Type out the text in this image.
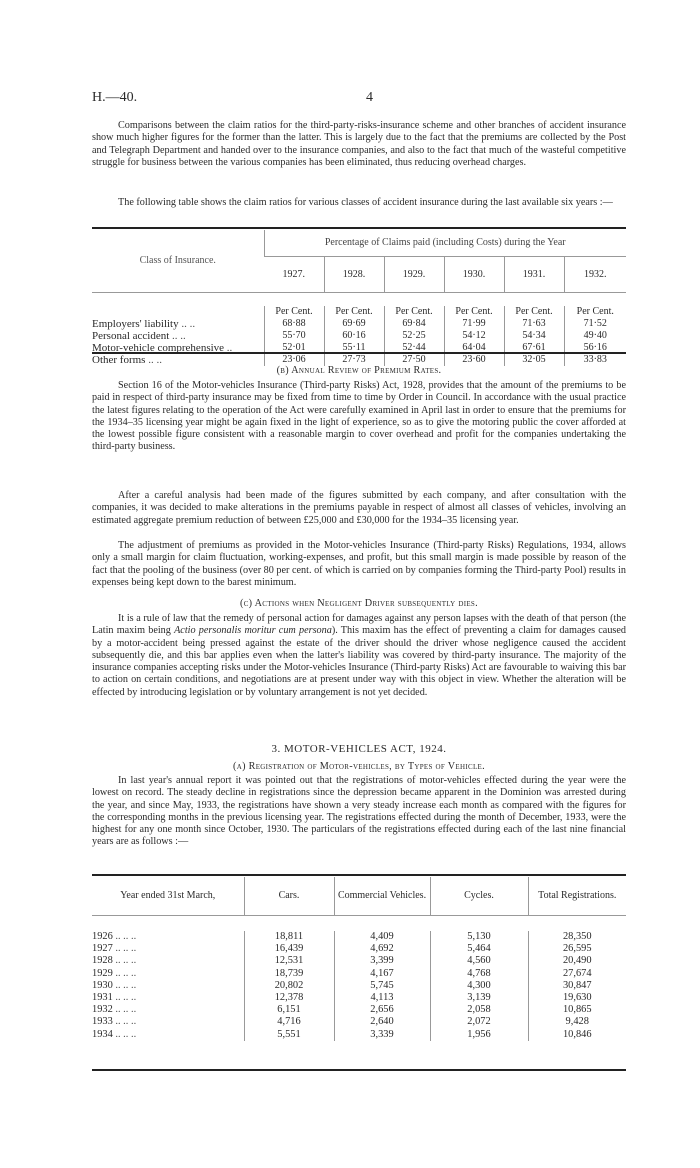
H.—40.	4

Comparisons between the claim ratios for the third-party-risks-insurance scheme and other branches of accident insurance show much higher figures for the former than the latter. This is largely due to the fact that the premiums are collected by the Post and Telegraph Department and handed over to the insurance companies, and also to the fact that much of the wasteful competitive struggle for business between the various companies has been eliminated, thus reducing overhead charges.

The following table shows the claim ratios for various classes of accident insurance during the last available six years :—

Class of Insurance.	Percentage of Claims paid (including Costs) during the Year					
	1927.	1928.	1929.	1930.	1931.	1932.

	Per Cent.	Per Cent.	Per Cent.	Per Cent.	Per Cent.	Per Cent.
Employers' liability .. ..	68·88	69·69	69·84	71·99	71·63	71·52
Personal accident .. ..	55·70	60·16	52·25	54·12	54·34	49·40
Motor-vehicle comprehensive ..	52·01	55·11	52·44	64·04	67·61	56·16
Other forms .. ..	23·06	27·73	27·50	23·60	32·05	33·83

(b) Annual Review of Premium Rates.

Section 16 of the Motor-vehicles Insurance (Third-party Risks) Act, 1928, provides that the amount of the premiums to be paid in respect of third-party insurance may be fixed from time to time by Order in Council. In accordance with the usual practice the latest figures relating to the operation of the Act were carefully examined in April last in order to ensure that the premiums for the 1934–35 licensing year might be again fixed in the light of experience, so as to give the motoring public the cover afforded at the lowest possible figure consistent with a reasonable margin to cover overhead and profit for the companies undertaking the third-party business.

After a careful analysis had been made of the figures submitted by each company, and after consultation with the companies, it was decided to make alterations in the premiums payable in respect of almost all classes of vehicles, involving an estimated aggregate premium reduction of between £25,000 and £30,000 for the 1934–35 licensing year.

The adjustment of premiums as provided in the Motor-vehicles Insurance (Third-party Risks) Regulations, 1934, allows only a small margin for claim fluctuation, working-expenses, and profit, but this small margin is made possible by reason of the fact that the pooling of the business (over 80 per cent. of which is carried on by companies forming the Third-party Pool) results in expenses being kept down to the barest minimum.

(c) Actions when Negligent Driver subsequently dies.

It is a rule of law that the remedy of personal action for damages against any person lapses with the death of that person (the Latin maxim being Actio personalis moritur cum persona). This maxim has the effect of preventing a claim for damages caused by a motor-accident being pressed against the estate of the driver should the driver whose negligence caused the accident subsequently die, and this bar applies even when the latter's liability was covered by third-party insurance. The majority of the insurance companies accepting risks under the Motor-vehicles Insurance (Third-party Risks) Act are favourable to waiving this bar to action on certain conditions, and negotiations are at present under way with this object in view. Whether the alteration will be effected by introducing legislation or by voluntary arrangement is not yet decided.

3. MOTOR-VEHICLES ACT, 1924.

(a) Registration of Motor-vehicles, by Types of Vehicle.

In last year's annual report it was pointed out that the registrations of motor-vehicles effected during the year were the lowest on record. The steady decline in registrations since the depression became apparent in the Dominion was arrested during the year, and since May, 1933, the registrations have shown a very steady increase each month as compared with the figures for the corresponding months in the previous licensing year. The registrations effected during the month of December, 1933, were the highest for any one month since October, 1930. The particulars of the registrations effected during each of the last nine financial years are as follows :—

Year ended 31st March,	Cars.	Commercial Vehicles.	Cycles.	Total Registrations.

1926 .. .. ..	18,811	4,409	5,130	28,350
1927 .. .. ..	16,439	4,692	5,464	26,595
1928 .. .. ..	12,531	3,399	4,560	20,490
1929 .. .. ..	18,739	4,167	4,768	27,674
1930 .. .. ..	20,802	5,745	4,300	30,847
1931 .. .. ..	12,378	4,113	3,139	19,630
1932 .. .. ..	6,151	2,656	2,058	10,865
1933 .. .. ..	4,716	2,640	2,072	9,428
1934 .. .. ..	5,551	3,339	1,956	10,846
